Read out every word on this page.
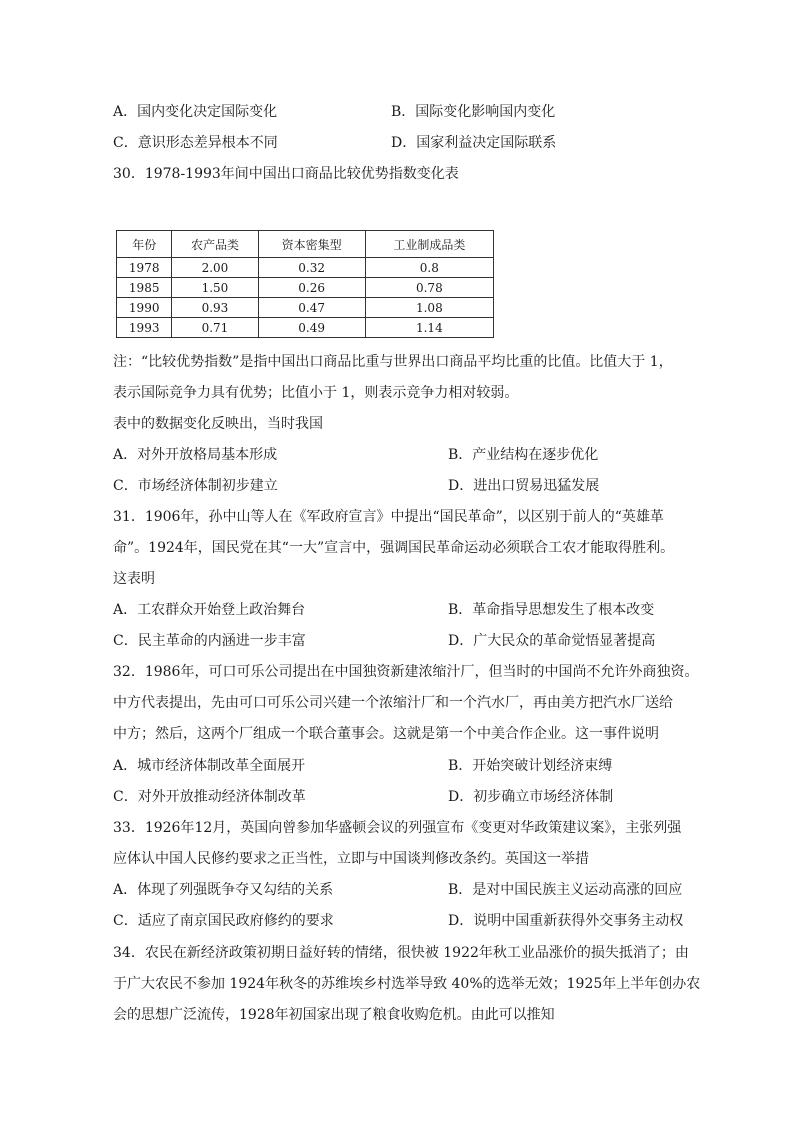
A．国内变化决定国际变化	B．国际变化影响国内变化
C．意识形态差异根本不同	D．国家利益决定国际联系
30．1978-1993年间中国出口商品比较优势指数变化表
年份	农产品类	资本密集型	工业制成品类
1978	2.00	0.32	0.8
1985	1.50	0.26	0.78
1990	0.93	0.47	1.08
1993	0.71	0.49	1.14
注：“比较优势指数”是指中国出口商品比重与世界出口商品平均比重的比值。比值大于 1，
表示国际竞争力具有优势；比值小于 1，则表示竞争力相对较弱。
表中的数据变化反映出，当时我国
A．对外开放格局基本形成	B．产业结构在逐步优化
C．市场经济体制初步建立	D．进出口贸易迅猛发展
31．1906年，孙中山等人在《军政府宣言》中提出“国民革命”，以区别于前人的“英雄革
命”。1924年，国民党在其“一大”宣言中，强调国民革命运动必须联合工农才能取得胜利。
这表明
A．工农群众开始登上政治舞台	B．革命指导思想发生了根本改变
C．民主革命的内涵进一步丰富	D．广大民众的革命觉悟显著提高
32．1986年，可口可乐公司提出在中国独资新建浓缩汁厂，但当时的中国尚不允许外商独资。
中方代表提出，先由可口可乐公司兴建一个浓缩汁厂和一个汽水厂，再由美方把汽水厂送给
中方；然后，这两个厂组成一个联合董事会。这就是第一个中美合作企业。这一事件说明
A．城市经济体制改革全面展开	B．开始突破计划经济束缚
C．对外开放推动经济体制改革	D．初步确立市场经济体制
33．1926年12月，英国向曾参加华盛顿会议的列强宣布《变更对华政策建议案》，主张列强
应体认中国人民修约要求之正当性，立即与中国谈判修改条约。英国这一举措
A．体现了列强既争夺又勾结的关系	B．是对中国民族主义运动高涨的回应
C．适应了南京国民政府修约的要求	D．说明中国重新获得外交事务主动权
34．农民在新经济政策初期日益好转的情绪，很快被 1922年秋工业品涨价的损失抵消了；由
于广大农民不参加 1924年秋冬的苏维埃乡村选举导致 40%的选举无效；1925年上半年创办农
会的思想广泛流传，1928年初国家出现了粮食收购危机。由此可以推知
